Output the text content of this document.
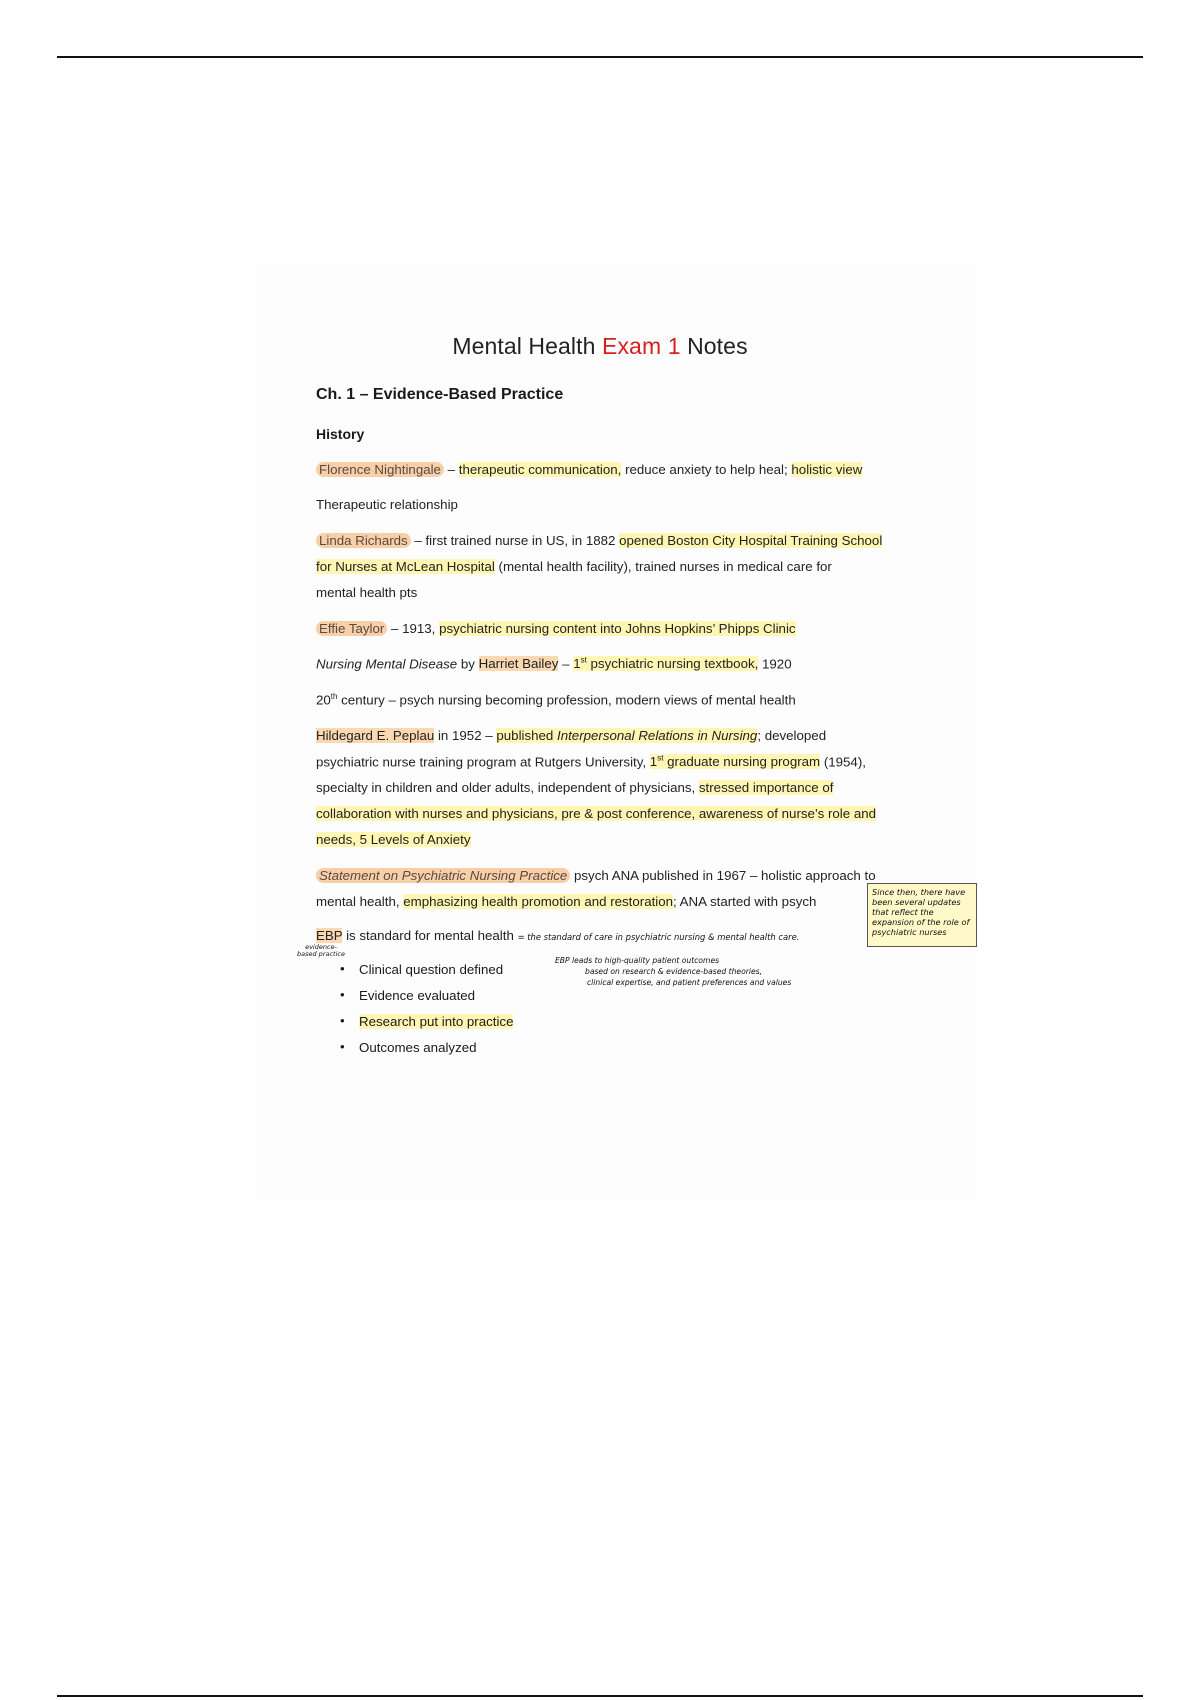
Mental Health Exam 1 Notes
Ch. 1 – Evidence-Based Practice
History
Florence Nightingale – therapeutic communication, reduce anxiety to help heal; holistic view
Therapeutic relationship
Linda Richards – first trained nurse in US, in 1882 opened Boston City Hospital Training School
for Nurses at McLean Hospital (mental health facility), trained nurses in medical care for
mental health pts
Effie Taylor – 1913, psychiatric nursing content into Johns Hopkins’ Phipps Clinic
Nursing Mental Disease by Harriet Bailey – 1st psychiatric nursing textbook, 1920
20th century – psych nursing becoming profession, modern views of mental health
Hildegard E. Peplau in 1952 – published Interpersonal Relations in Nursing; developed
psychiatric nurse training program at Rutgers University, 1st graduate nursing program (1954),
specialty in children and older adults, independent of physicians, stressed importance of
collaboration with nurses and physicians, pre & post conference, awareness of nurse’s role and
needs, 5 Levels of Anxiety
Statement on Psychiatric Nursing Practice psych ANA published in 1967 – holistic approach to
mental health, emphasizing health promotion and restoration; ANA started with psych
EBP is standard for mental health = the standard of care in psychiatric nursing & mental health care.
evidence-based practice
EBP leads to high-quality patient outcomes
based on research & evidence-based theories,
clinical expertise, and patient preferences and values
Since then, there have been several updates that reflect the expansion of the role of psychiatric nurses
• Clinical question defined
• Evidence evaluated
• Research put into practice
• Outcomes analyzed
